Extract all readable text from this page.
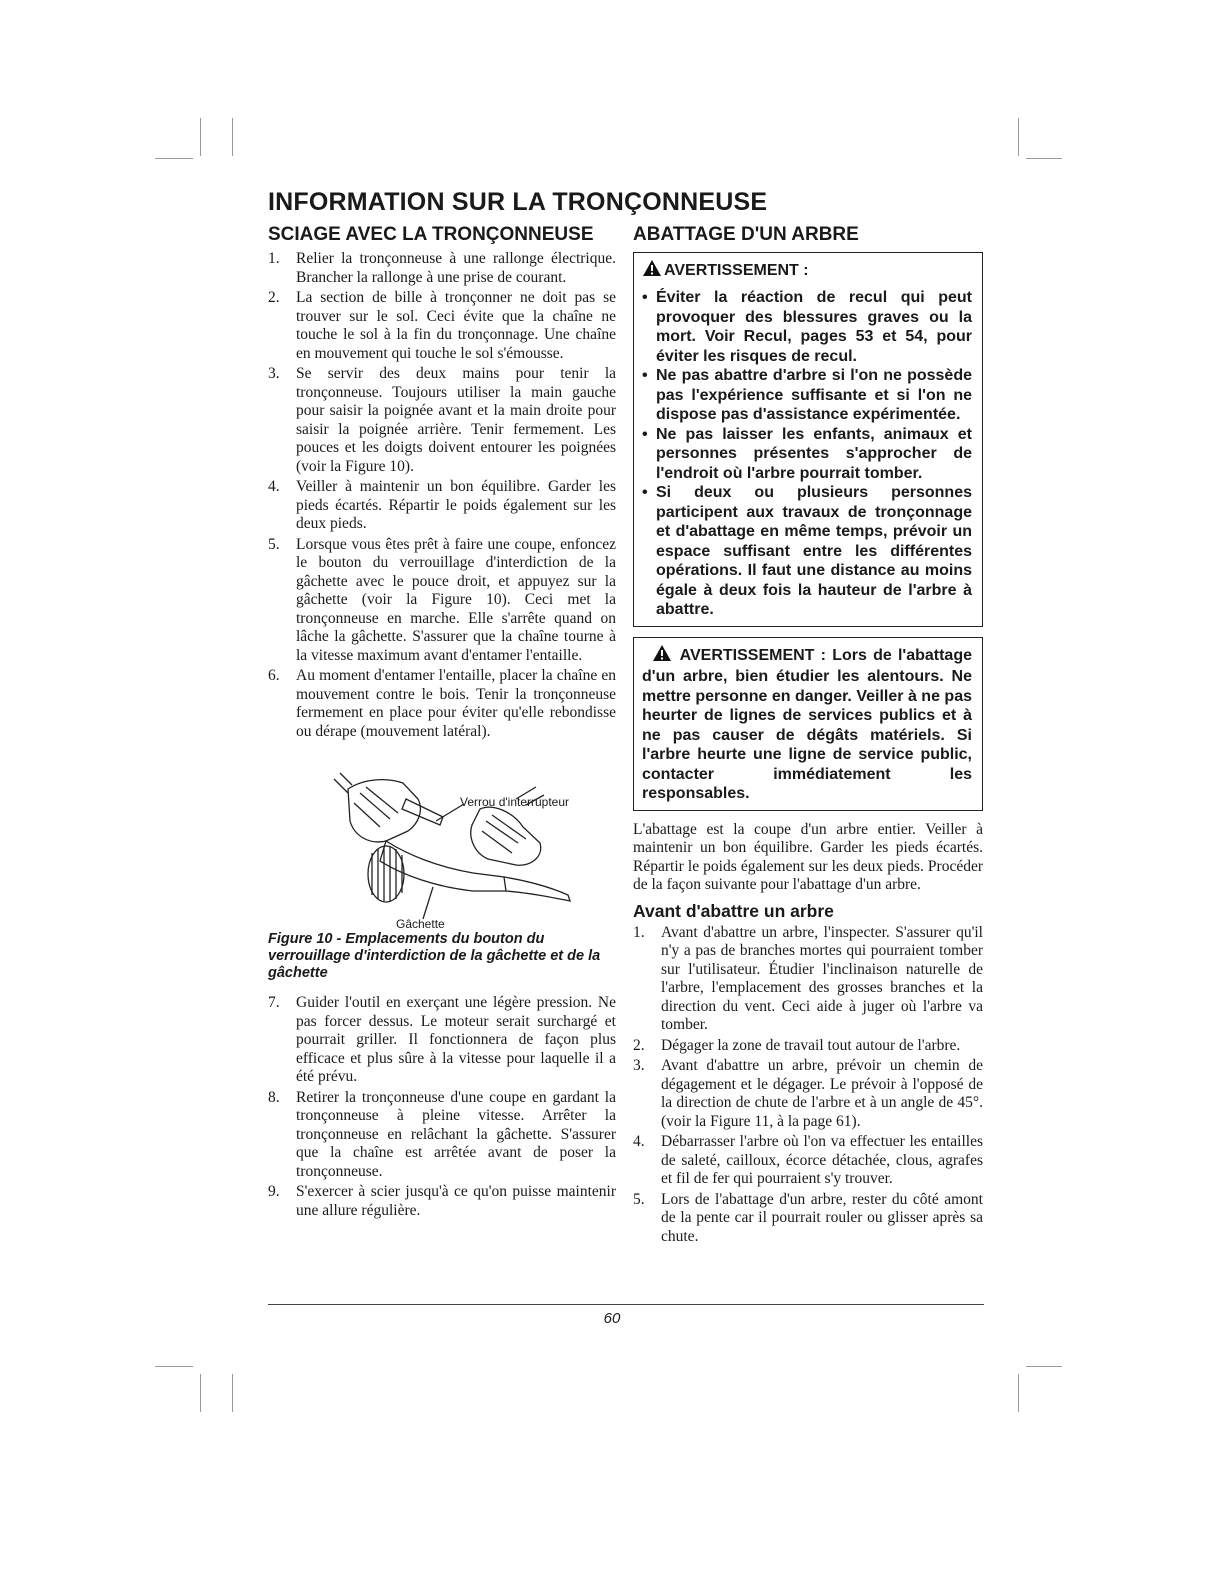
INFORMATION SUR LA TRONÇONNEUSE
SCIAGE AVEC LA TRONÇONNEUSE
1. Relier la tronçonneuse à une rallonge électrique. Brancher la rallonge à une prise de courant.
2. La section de bille à tronçonner ne doit pas se trouver sur le sol. Ceci évite que la chaîne ne touche le sol à la fin du tronçonnage. Une chaîne en mouvement qui touche le sol s'émousse.
3. Se servir des deux mains pour tenir la tronçonneuse. Toujours utiliser la main gauche pour saisir la poignée avant et la main droite pour saisir la poignée arrière. Tenir fermement. Les pouces et les doigts doivent entourer les poignées (voir la Figure 10).
4. Veiller à maintenir un bon équilibre. Garder les pieds écartés. Répartir le poids également sur les deux pieds.
5. Lorsque vous êtes prêt à faire une coupe, enfoncez le bouton du verrouillage d'interdiction de la gâchette avec le pouce droit, et appuyez sur la gâchette (voir la Figure 10). Ceci met la tronçonneuse en marche. Elle s'arrête quand on lâche la gâchette. S'assurer que la chaîne tourne à la vitesse maximum avant d'entamer l'entaille.
6. Au moment d'entamer l'entaille, placer la chaîne en mouvement contre le bois. Tenir la tronçonneuse fermement en place pour éviter qu'elle rebondisse ou dérape (mouvement latéral).
Verrou d'interrupteur
Gâchette

Figure 10 - Emplacements du bouton du verrouillage d'interdiction de la gâchette et de la gâchette

7. Guider l'outil en exerçant une légère pression. Ne pas forcer dessus. Le moteur serait surchargé et pourrait griller. Il fonctionnera de façon plus efficace et plus sûre à la vitesse pour laquelle il a été prévu.
8. Retirer la tronçonneuse d'une coupe en gardant la tronçonneuse à pleine vitesse. Arrêter la tronçonneuse en relâchant la gâchette. S'assurer que la chaîne est arrêtée avant de poser la tronçonneuse.
9. S'exercer à scier jusqu'à ce qu'on puisse maintenir une allure régulière.
ABATTAGE D'UN ARBRE
AVERTISSEMENT :
• Éviter la réaction de recul qui peut provoquer des blessures graves ou la mort. Voir Recul, pages 53 et 54, pour éviter les risques de recul.
• Ne pas abattre d'arbre si l'on ne possède pas l'expérience suffisante et si l'on ne dispose pas d'assistance expérimentée.
• Ne pas laisser les enfants, animaux et personnes présentes s'approcher de l'endroit où l'arbre pourrait tomber.
• Si deux ou plusieurs personnes participent aux travaux de tronçonnage et d'abattage en même temps, prévoir un espace suffisant entre les différentes opérations. Il faut une distance au moins égale à deux fois la hauteur de l'arbre à abattre.
AVERTISSEMENT : Lors de l'abattage d'un arbre, bien étudier les alentours. Ne mettre personne en danger. Veiller à ne pas heurter de lignes de services publics et à ne pas causer de dégâts matériels. Si l'arbre heurte une ligne de service public, contacter immédiatement les responsables.

L'abattage est la coupe d'un arbre entier. Veiller à maintenir un bon équilibre. Garder les pieds écartés. Répartir le poids également sur les deux pieds. Procéder de la façon suivante pour l'abattage d'un arbre.

Avant d'abattre un arbre
1. Avant d'abattre un arbre, l'inspecter. S'assurer qu'il n'y a pas de branches mortes qui pourraient tomber sur l'utilisateur. Étudier l'inclinaison naturelle de l'arbre, l'emplacement des grosses branches et la direction du vent. Ceci aide à juger où l'arbre va tomber.
2. Dégager la zone de travail tout autour de l'arbre.
3. Avant d'abattre un arbre, prévoir un chemin de dégagement et le dégager. Le prévoir à l'opposé de la direction de chute de l'arbre et à un angle de 45°. (voir la Figure 11, à la page 61).
4. Débarrasser l'arbre où l'on va effectuer les entailles de saleté, cailloux, écorce détachée, clous, agrafes et fil de fer qui pourraient s'y trouver.
5. Lors de l'abattage d'un arbre, rester du côté amont de la pente car il pourrait rouler ou glisser après sa chute.
60
